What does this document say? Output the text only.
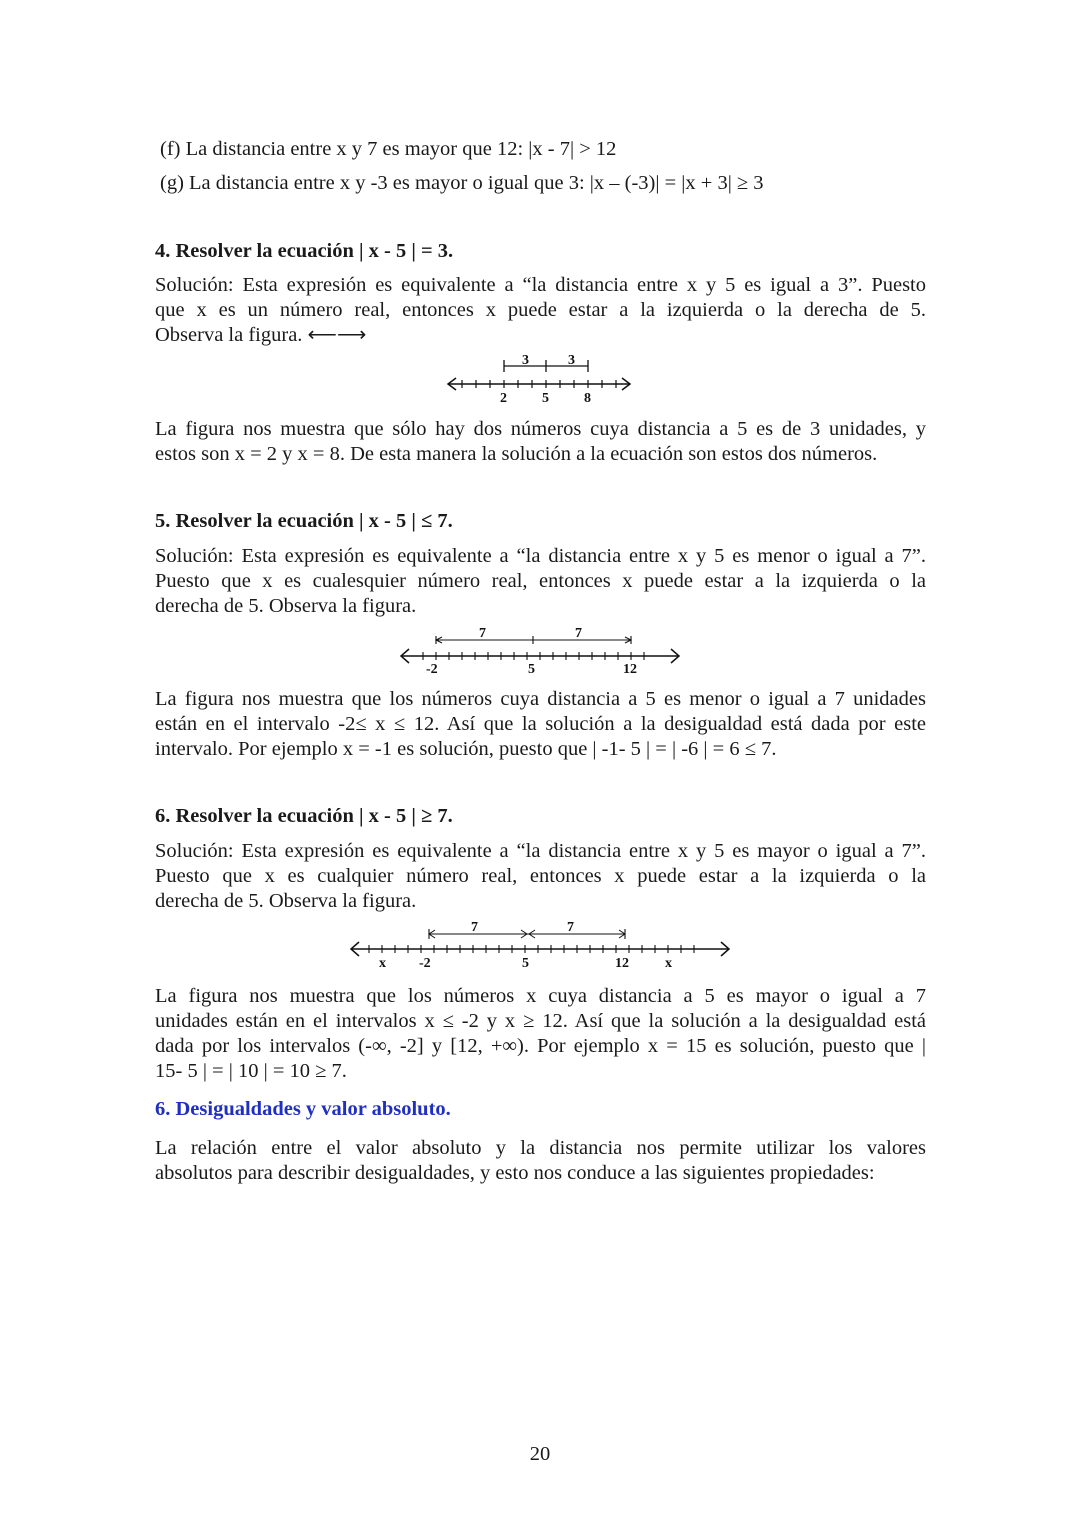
(f) La distancia entre x y 7 es mayor que 12: |x - 7| > 12
(g) La distancia entre x y -3 es mayor o igual que 3: |x – (-3)| = |x + 3| ≥ 3
4. Resolver la ecuación | x - 5 | = 3.
Solución: Esta expresión es equivalente a “la distancia entre x y 5 es igual a 3”. Puesto
que x es un número real, entonces x puede estar a la izquierda o la derecha de 5.
Observa la figura. ⟵⟶
3	3
2	5	8
La figura nos muestra que sólo hay dos números cuya distancia a 5 es de 3 unidades, y
estos son x = 2 y x = 8. De esta manera la solución a la ecuación son estos dos números.
5. Resolver la ecuación | x - 5 | ≤ 7.
Solución: Esta expresión es equivalente a “la distancia entre x y 5 es menor o igual a 7”.
Puesto que x es cualesquier número real, entonces x puede estar a la izquierda o la
derecha de 5. Observa la figura.
7	7
-2	5	12
La figura nos muestra que los números cuya distancia a 5 es menor o igual a 7 unidades
están en el intervalo -2≤ x ≤ 12. Así que la solución a la desigualdad está dada por este
intervalo. Por ejemplo x = -1 es solución, puesto que | -1- 5 | = | -6 | = 6 ≤ 7.
6. Resolver la ecuación | x - 5 | ≥ 7.
Solución: Esta expresión es equivalente a “la distancia entre x y 5 es mayor o igual a 7”.
Puesto que x es cualquier número real, entonces x puede estar a la izquierda o la
derecha de 5. Observa la figura.
7	7
x -2	5	12	x
La figura nos muestra que los números x cuya distancia a 5 es mayor o igual a 7
unidades están en el intervalos x ≤ -2 y x ≥ 12. Así que la solución a la desigualdad está
dada por los intervalos (-∞, -2] y [12, +∞). Por ejemplo x = 15 es solución, puesto que |
15- 5 | = | 10 | = 10 ≥ 7.
6. Desigualdades y valor absoluto.
La relación entre el valor absoluto y la distancia nos permite utilizar los valores
absolutos para describir desigualdades, y esto nos conduce a las siguientes propiedades:
20
